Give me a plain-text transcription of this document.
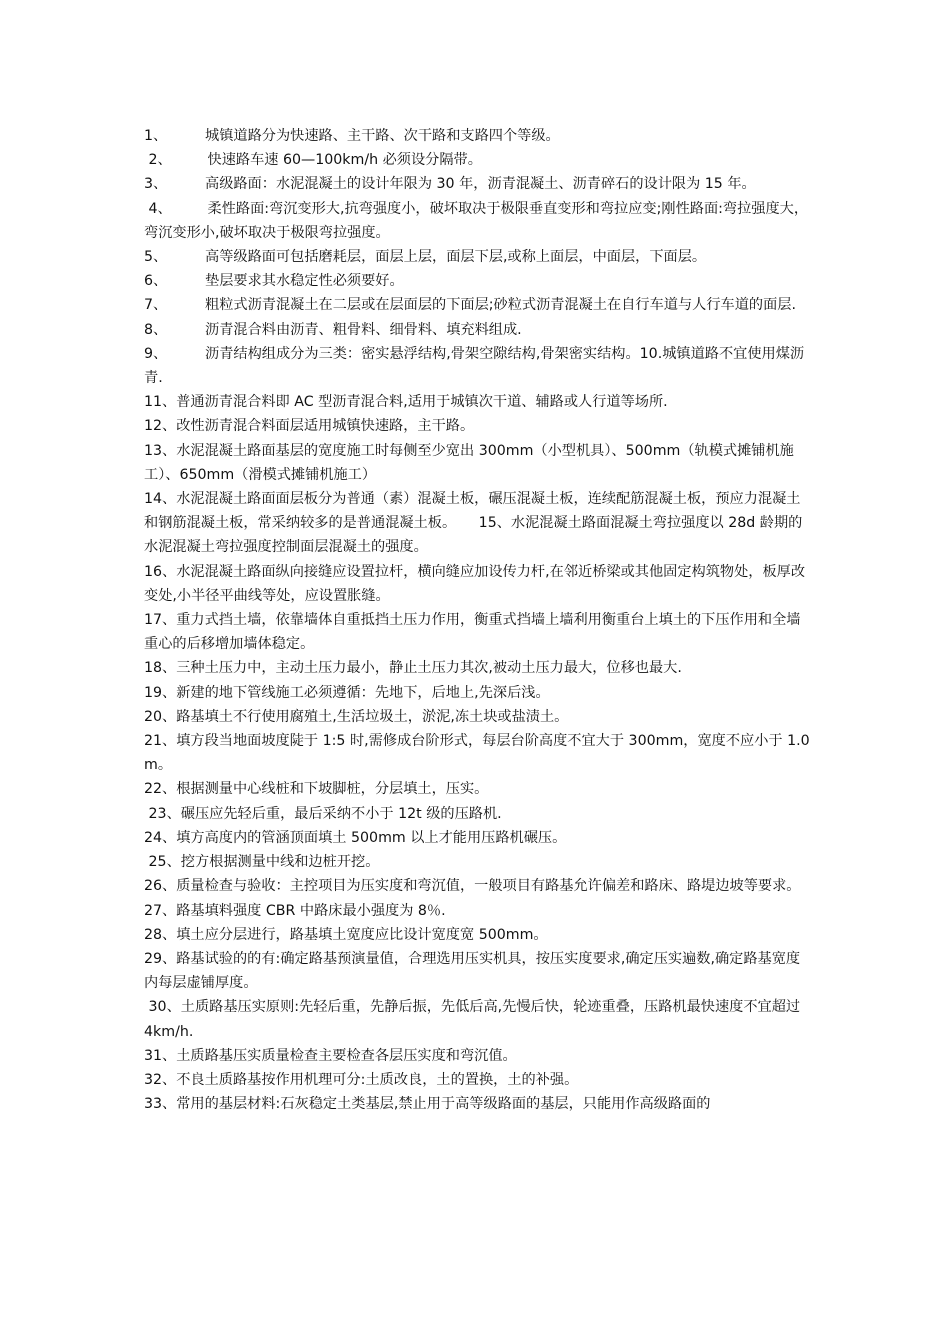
1、	城镇道路分为快速路、主干路、次干路和支路四个等级。

2、	快速路车速 60—100km/h 必须设分隔带。

3、	高级路面：水泥混凝土的设计年限为 30 年，沥青混凝土、沥青碎石的设计限为 15 年。

4、	柔性路面:弯沉变形大,抗弯强度小，破坏取决于极限垂直变形和弯拉应变;刚性路面:弯拉强度大，弯沉变形小,破坏取决于极限弯拉强度。

5、	高等级路面可包括磨耗层，面层上层，面层下层,或称上面层，中面层，下面层。

6、	垫层要求其水稳定性必须要好。

7、	粗粒式沥青混凝土在二层或在层面层的下面层;砂粒式沥青混凝土在自行车道与人行车道的面层.

8、	沥青混合料由沥青、粗骨料、细骨料、填充料组成.

9、	沥青结构组成分为三类：密实悬浮结构,骨架空隙结构,骨架密实结构。10.城镇道路不宜使用煤沥青.

11、普通沥青混合料即 AC 型沥青混合料,适用于城镇次干道、辅路或人行道等场所.

12、改性沥青混合料面层适用城镇快速路，主干路。

13、水泥混凝土路面基层的宽度施工时每侧至少宽出 300mm（小型机具）、500mm（轨模式摊铺机施工）、650mm（滑模式摊铺机施工）

14、水泥混凝土路面面层板分为普通（素）混凝土板，碾压混凝土板，连续配筋混凝土板，预应力混凝土和钢筋混凝土板，常采纳较多的是普通混凝土板。     15、水泥混凝土路面混凝土弯拉强度以 28d 龄期的水泥混凝土弯拉强度控制面层混凝土的强度。

16、水泥混凝土路面纵向接缝应设置拉杆，横向缝应加设传力杆,在邻近桥梁或其他固定构筑物处，板厚改变处,小半径平曲线等处，应设置胀缝。

17、重力式挡土墙，依靠墙体自重抵挡土压力作用，衡重式挡墙上墙利用衡重台上填土的下压作用和全墙重心的后移增加墙体稳定。

18、三种土压力中，主动土压力最小，静止土压力其次,被动土压力最大，位移也最大.

19、新建的地下管线施工必须遵循：先地下，后地上,先深后浅。

20、路基填土不行使用腐殖土,生活垃圾土，淤泥,冻土块或盐渍土。

21、填方段当地面坡度陡于 1:5 时,需修成台阶形式，每层台阶高度不宜大于 300mm，宽度不应小于 1.0m。

22、根据测量中心线桩和下坡脚桩，分层填土，压实。

23、碾压应先轻后重，最后采纳不小于 12t 级的压路机.

24、填方高度内的管涵顶面填土 500mm 以上才能用压路机碾压。

25、挖方根据测量中线和边桩开挖。

26、质量检查与验收：主控项目为压实度和弯沉值，一般项目有路基允许偏差和路床、路堤边坡等要求。

27、路基填料强度 CBR 中路床最小强度为 8％.

28、填土应分层进行，路基填土宽度应比设计宽度宽 500mm。

29、路基试验的的有:确定路基预演量值，合理选用压实机具，按压实度要求,确定压实遍数,确定路基宽度内每层虚铺厚度。

30、土质路基压实原则:先轻后重，先静后振，先低后高,先慢后快，轮迹重叠，压路机最快速度不宜超过 4km/h.

31、土质路基压实质量检查主要检查各层压实度和弯沉值。

32、不良土质路基按作用机理可分:土质改良，土的置换，土的补强。

33、常用的基层材料:石灰稳定土类基层,禁止用于高等级路面的基层，只能用作高级路面的
